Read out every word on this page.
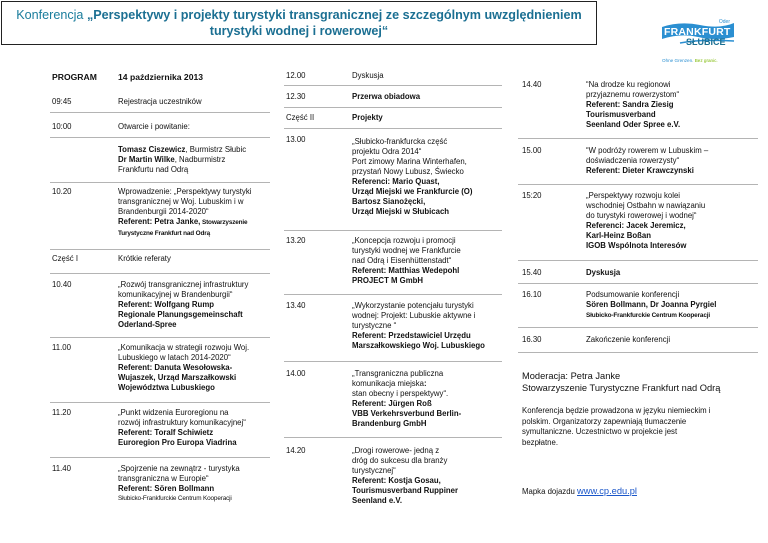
Konferencja „Perspektywy i projekty turystyki transgranicznej ze szczególnym uwzględnieniem turystyki wodnej i rowerowej“
Oder
FRANKFURT
SŁUBICE
Ohne Grenzen. Bez granic.
PROGRAM 14 października 2013
09:45	Rejestracja uczestników
10:00	Otwarcie i powitanie:
Tomasz Ciszewicz, Burmistrz Słubic
Dr Martin Wilke, Nadburmistrz
Frankfurtu nad Odrą
10.20	Wprowadzenie: „Perspektywy turystyki
transgranicznej w Woj. Lubuskim i w
Brandenburgii 2014-2020“
Referent: Petra Janke, Stowarzyszenie
Turystyczne Frankfurt nad Odrą
Część I	Krótkie referaty
10.40	„Rozwój transgranicznej infrastruktury
komunikacyjnej w Brandenburgii“
Referent: Wolfgang Rump
Regionale Planungsgemeinschaft
Oderland-Spree
11.00	„Komunikacja w strategii rozwoju Woj.
Lubuskiego w latach 2014-2020“
Referent: Danuta Wesołowska-
Wujaszek, Urząd Marszałkowski
Województwa Lubuskiego
11.20	„Punkt widzenia Euroregionu na
rozwój infrastruktury komunikacyjnej“
Referent: Toralf Schiwietz
Euroregion Pro Europa Viadrina
11.40	„Spojrzenie na zewnątrz - turystyka
transgraniczna w Europie“
Referent: Sören Bollmann
Słubicko-Frankfurckie Centrum Kooperacji
12.00	Dyskusja
12.30	Przerwa obiadowa
Część II	Projekty
13.00	„Słubicko-frankfurcka część
projektu Odra 2014“
Port zimowy Marina Winterhafen,
przystań Nowy Lubusz, Świecko
Referenci: Mario Quast,
Urząd Miejski we Frankfurcie (O)
Bartosz Sianożęcki,
Urząd Miejski w Słubicach
13.20	„Koncepcja rozwoju i promocji
turystyki wodnej we Frankfurcie
nad Odrą i Eisenhüttenstadt“
Referent: Matthias Wedepohl
PROJECT M GmbH
13.40	„Wykorzystanie potencjału turystyki
wodnej: Projekt: Lubuskie aktywne i
turystyczne “
Referent: Przedstawiciel Urzędu
Marszałkowskiego Woj. Lubuskiego
14.00	„Transgraniczna publiczna
komunikacja miejska:
stan obecny i perspektywy“.
Referent: Jürgen Roß
VBB Verkehrsverbund Berlin-
Brandenburg GmbH
14.20	„Drogi rowerowe- jedną z
dróg do sukcesu dla branży
turystycznej“
Referent: Kostja Gosau,
Tourismusverband Ruppiner
Seenland e.V.
14.40	“Na drodze ku regionowi
przyjaznemu rowerzystom“
Referent: Sandra Ziesig
Tourismusverband
Seenland Oder Spree e.V.
15.00	“W podróży rowerem w Lubuskim –
doświadczenia rowerzysty“
Referent: Dieter Krawczynski
15:20	„Perspektywy rozwoju kolei
wschodniej Ostbahn w nawiązaniu
do turystyki rowerowej i wodnej“
Referenci: Jacek Jeremicz,
Karl-Heinz Boßan
IGOB Wspólnota Interesów
15.40	Dyskusja
16.10	Podsumowanie konferencji
Sören Bollmann, Dr Joanna Pyrgiel
Słubicko-Frankfurckie Centrum Kooperacji
16.30	Zakończenie konferencji
Moderacja: Petra Janke
Stowarzyszenie Turystyczne Frankfurt nad Odrą
Konferencja będzie prowadzona w języku niemieckim i
polskim. Organizatorzy zapewniają tłumaczenie
symultaniczne. Uczestnictwo w projekcie jest
bezpłatne.
Mapka dojazdu www.cp.edu.pl
